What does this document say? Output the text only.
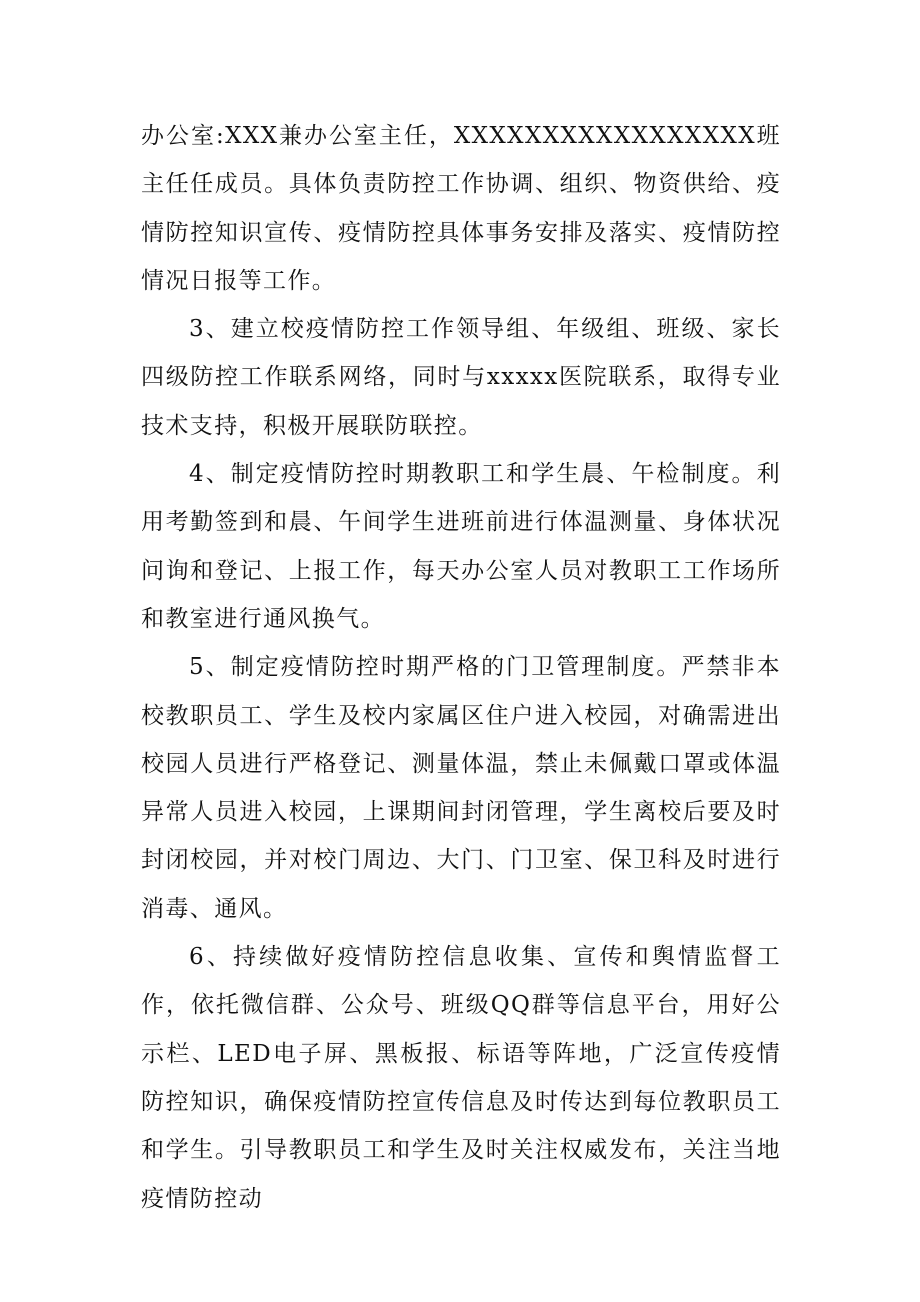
办公室:XXX兼办公室主任，XXXXXXXXXXXXXXXXX班主任任成员。具体负责防控工作协调、组织、物资供给、疫情防控知识宣传、疫情防控具体事务安排及落实、疫情防控情况日报等工作。

3、建立校疫情防控工作领导组、年级组、班级、家长四级防控工作联系网络，同时与xxxxx医院联系，取得专业技术支持，积极开展联防联控。

4、制定疫情防控时期教职工和学生晨、午检制度。利用考勤签到和晨、午间学生进班前进行体温测量、身体状况问询和登记、上报工作，每天办公室人员对教职工工作场所和教室进行通风换气。

5、制定疫情防控时期严格的门卫管理制度。严禁非本校教职员工、学生及校内家属区住户进入校园，对确需进出校园人员进行严格登记、测量体温，禁止未佩戴口罩或体温异常人员进入校园，上课期间封闭管理，学生离校后要及时封闭校园，并对校门周边、大门、门卫室、保卫科及时进行消毒、通风。

6、持续做好疫情防控信息收集、宣传和舆情监督工作，依托微信群、公众号、班级QQ群等信息平台，用好公示栏、LED电子屏、黑板报、标语等阵地，广泛宣传疫情防控知识，确保疫情防控宣传信息及时传达到每位教职员工和学生。引导教职员工和学生及时关注权威发布，关注当地疫情防控动
